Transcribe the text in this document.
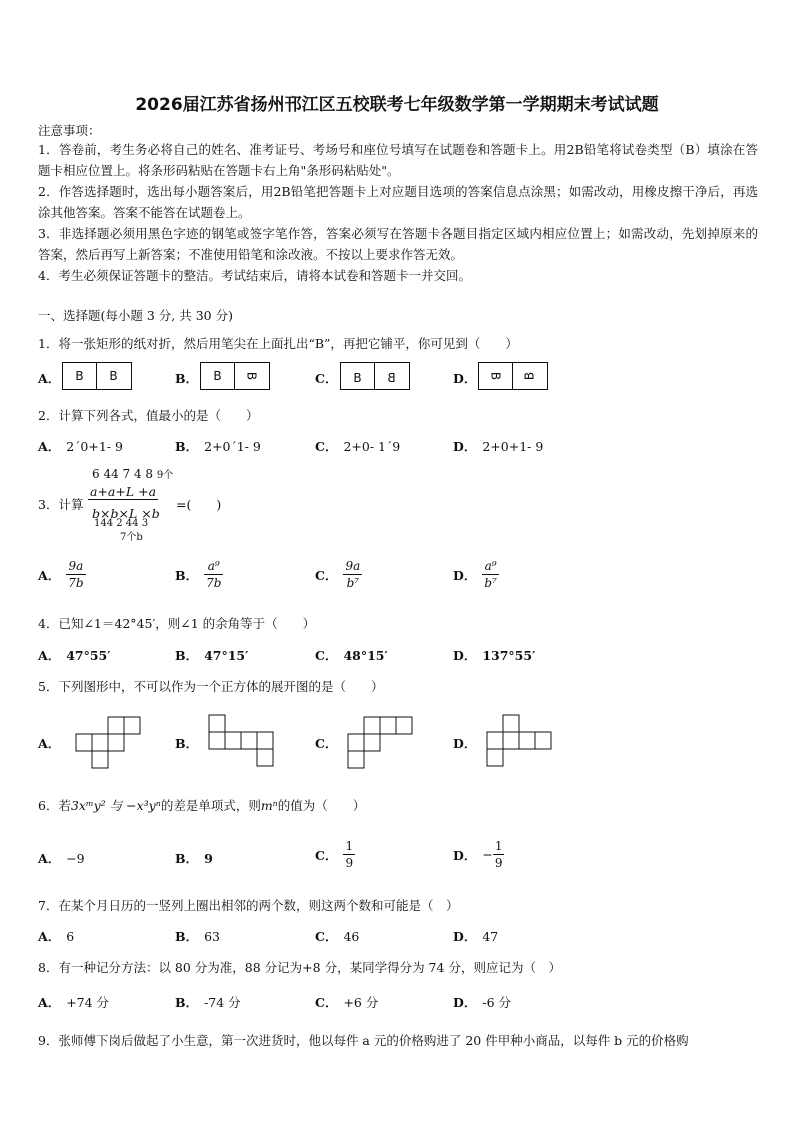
2026届江苏省扬州邗江区五校联考七年级数学第一学期期末考试试题
注意事项：
1．答卷前，考生务必将自己的姓名、准考证号、考场号和座位号填写在试题卷和答题卡上。用2B铅笔将试卷类型（B）填涂在答题卡相应位置上。将条形码粘贴在答题卡右上角"条形码粘贴处"。
2．作答选择题时，选出每小题答案后，用2B铅笔把答题卡上对应题目选项的答案信息点涂黑；如需改动，用橡皮擦干净后，再选涂其他答案。答案不能答在试题卷上。
3．非选择题必须用黑色字迹的钢笔或签字笔作答，答案必须写在答题卡各题目指定区域内相应位置上；如需改动，先划掉原来的答案，然后再写上新答案；不准使用铅笔和涂改液。不按以上要求作答无效。
4．考生必须保证答题卡的整洁。考试结束后，请将本试卷和答题卡一并交回。
一、选择题(每小题 3 分, 共 30 分)
1．将一张矩形的纸对折，然后用笔尖在上面扎出“B”，再把它铺平，你可见到（　　）
A．	B	B	B．	B	B	C．	B	B	D．	B	B
2．计算下列各式，值最小的是（　　）
A． 2´0+1- 9	B． 2+0´1- 9	C． 2+0- 1´9	D． 2+0+1- 9
3．计算
6 44 7 4 8 9个
a+a+L +a
b×b×L ×b
144 2 44 3
7个b
=(　　)
A． $\frac{9a}{7b}$	B． $\frac{\text{a⁹}}{7b}$	C． $\frac{9a}{\text{b⁷}}$	D． $\frac{\text{a⁹}}{\text{b⁷}}$
4．已知∠1＝42°45′，则∠1 的余角等于（　　）
A． 47°55′	B． 47°15′	C． 48°15′	D． 137°55′
5．下列图形中，不可以作为一个正方体的展开图的是（　　）
A．	B．	C．	D．
6．若3xᵐy² 与 −x³yⁿ的差是单项式，则mⁿ的值为（　　）
A． −9	B． 9	C． $\frac{1}{9}$	D． − $\frac{1}{9}$
7．在某个月日历的一竖列上圈出相邻的两个数，则这两个数和可能是（　）
A． 6	B． 63	C． 46	D． 47
8．有一种记分方法：以 80 分为准，88 分记为+8 分，某同学得分为 74 分，则应记为（　）
A． +74 分	B． -74 分	C． +6 分	D． -6 分
9．张师傅下岗后做起了小生意，第一次进货时，他以每件 a 元的价格购进了 20 件甲种小商品，以每件 b 元的价格购
